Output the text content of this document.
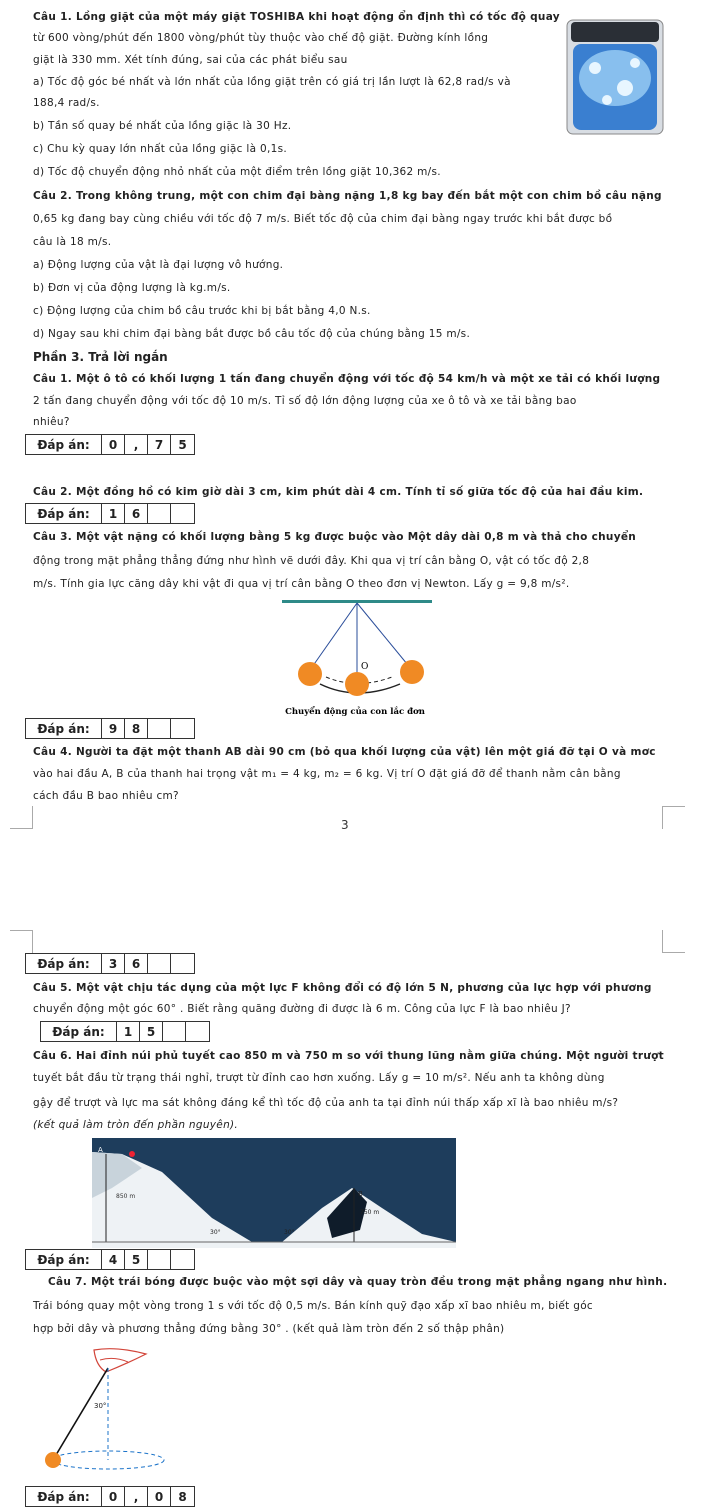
Câu 1. Lồng giặt của một máy giặt TOSHIBA khi hoạt động ổn định thì có tốc độ quay
từ 600 vòng/phút đến 1800 vòng/phút tùy thuộc vào chế độ giặt. Đường kính lồng
giặt là 330 mm. Xét tính đúng, sai của các phát biểu sau
a) Tốc độ góc bé nhất và lớn nhất của lồng giặt trên có giá trị lần lượt là 62,8 rad/s và
188,4 rad/s.
b) Tần số quay bé nhất của lồng giặc là 30 Hz.
c) Chu kỳ quay lớn nhất của lồng giặc là 0,1s.
d) Tốc độ chuyển động nhỏ nhất của một điểm trên lồng giặt 10,362 m/s.
Câu 2. Trong không trung, một con chim đại bàng nặng 1,8 kg bay đến bắt một con chim bồ câu nặng
0,65 kg đang bay cùng chiều với tốc độ 7 m/s. Biết tốc độ của chim đại bàng ngay trước khi bắt được bồ
câu là 18 m/s.
a) Động lượng của vật là đại lượng vô hướng.
b) Đơn vị của động lượng là kg.m/s.
c) Động lượng của chim bồ câu trước khi bị bắt bằng 4,0 N.s.
d) Ngay sau khi chim đại bàng bắt được bồ câu tốc độ của chúng bằng 15 m/s.
Phần 3. Trả lời ngắn
Câu 1. Một ô tô có khối lượng 1 tấn đang chuyển động với tốc độ 54 km/h và một xe tải có khối lượng
2 tấn đang chuyển động với tốc độ 10 m/s. Tỉ số độ lớn động lượng của xe ô tô và xe tải bằng bao
nhiêu?
Đáp án:	0	,	7	5
Câu 2. Một đồng hồ có kim giờ dài 3 cm, kim phút dài 4 cm. Tính tỉ số giữa tốc độ của hai đầu kim.
Đáp án:	1	6
Câu 3. Một vật nặng có khối lượng bằng 5 kg được buộc vào Một dây dài 0,8 m và thả cho chuyển
động trong mặt phẳng thẳng đứng như hình vẽ dưới đây. Khi qua vị trí cân bằng O, vật có tốc độ 2,8
m/s. Tính gia lực căng dây khi vật đi qua vị trí cân bằng O theo đơn vị Newton. Lấy g = 9,8 m/s².
O
Chuyển động của con lắc đơn
Đáp án:	9	8
Câu 4. Người ta đặt một thanh AB dài 90 cm (bỏ qua khối lượng của vật) lên một giá đỡ tại O và mơc
vào hai đầu A, B của thanh hai trọng vật m₁ = 4 kg, m₂ = 6 kg. Vị trí O đặt giá đỡ để thanh nằm cân bằng
cách đầu B bao nhiêu cm?
3
Đáp án:	3	6
Câu 5. Một vật chịu tác dụng của một lực F không đổi có độ lớn 5 N, phương của lực hợp với phương
chuyển động một góc 60° . Biết rằng quãng đường đi được là 6 m. Công của lực F là bao nhiêu J?
Đáp án:	1	5
Câu 6. Hai đỉnh núi phủ tuyết cao 850 m và 750 m so với thung lũng nằm giữa chúng. Một người trượt
tuyết bắt đầu từ trạng thái nghỉ, trượt từ đỉnh cao hơn xuống. Lấy g = 10 m/s². Nếu anh ta không dùng
gậy để trượt và lực ma sát không đáng kể thì tốc độ của anh ta tại đỉnh núi thấp xấp xĩ là bao nhiêu m/s?
(kết quả làm tròn đến phần nguyên).
A
B
850 m
750 m
30°	30°
Đáp án:	4	5
Câu 7. Một trái bóng được buộc vào một sợi dây và quay tròn đều trong mặt phẳng ngang như hình.
Trái bóng quay một vòng trong 1 s với tốc độ 0,5 m/s. Bán kính quỹ đạo xấp xĩ bao nhiêu m, biết góc
hợp bởi dây và phương thẳng đứng bằng 30° . (kết quả làm tròn đến 2 số thập phân)
30°
Đáp án:	0	,	0	8
